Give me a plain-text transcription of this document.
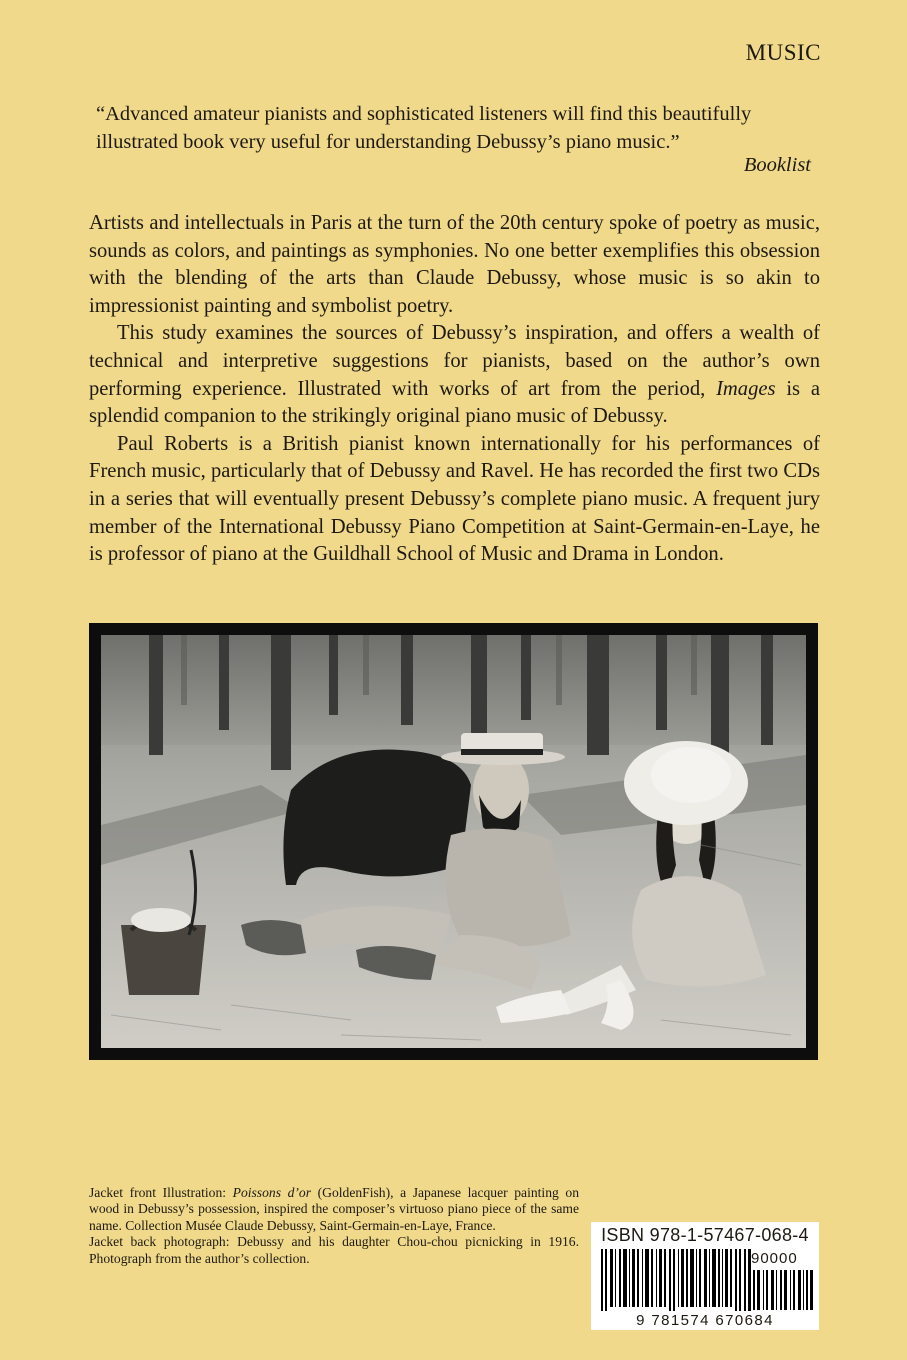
MUSIC
“Advanced amateur pianists and sophisticated listeners will find this beautifully illustrated book very useful for understanding Debussy’s piano music.”
Booklist

Artists and intellectuals in Paris at the turn of the 20th century spoke of poetry as music, sounds as colors, and paintings as symphonies. No one better exemplifies this obsession with the blending of the arts than Claude Debussy, whose music is so akin to impressionist painting and symbolist poetry.

This study examines the sources of Debussy’s inspiration, and offers a wealth of technical and interpretive suggestions for pianists, based on the author’s own performing experience. Illustrated with works of art from the period, Images is a splendid companion to the strikingly original piano music of Debussy.

Paul Roberts is a British pianist known internationally for his performances of French music, particularly that of Debussy and Ravel. He has recorded the first two CDs in a series that will eventually present Debussy’s complete piano music. A frequent jury member of the International Debussy Piano Competition at Saint-Germain-en-Laye, he is professor of piano at the Guildhall School of Music and Drama in London.

Jacket front Illustration: Poissons d’or (GoldenFish), a Japanese lacquer painting on wood in Debussy’s possession, inspired the composer’s virtuoso piano piece of the same name. Collection Musée Claude Debussy, Saint-Germain-en-Laye, France.

Jacket back photograph: Debussy and his daughter Chou-chou picnicking in 1916. Photograph from the author’s collection.

ISBN 978-1-57467-068-4
90000
9 781574 670684
